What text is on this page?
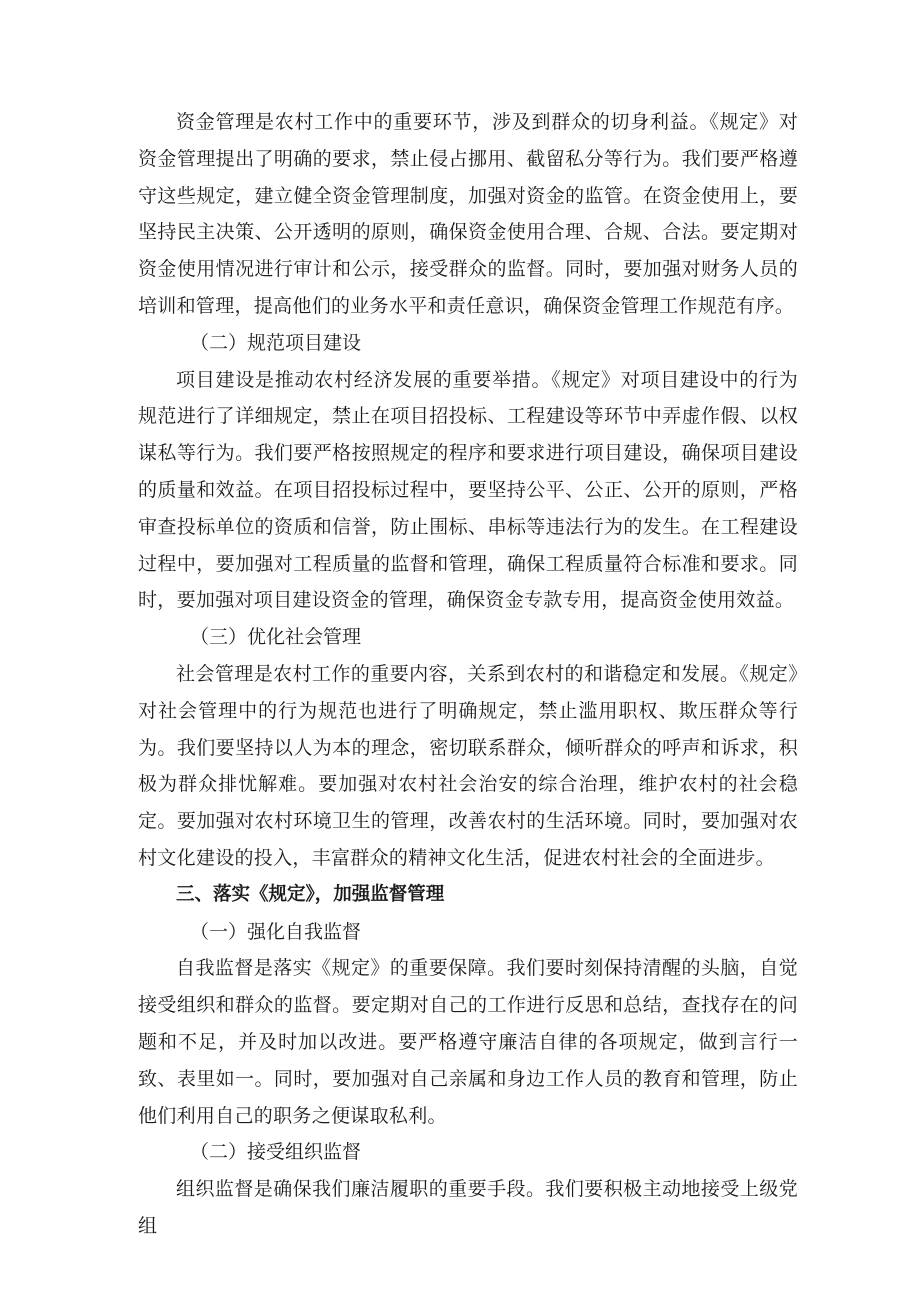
资金管理是农村工作中的重要环节，涉及到群众的切身利益。《规定》对资金管理提出了明确的要求，禁止侵占挪用、截留私分等行为。我们要严格遵守这些规定，建立健全资金管理制度，加强对资金的监管。在资金使用上，要坚持民主决策、公开透明的原则，确保资金使用合理、合规、合法。要定期对资金使用情况进行审计和公示，接受群众的监督。同时，要加强对财务人员的培训和管理，提高他们的业务水平和责任意识，确保资金管理工作规范有序。

（二）规范项目建设

项目建设是推动农村经济发展的重要举措。《规定》对项目建设中的行为规范进行了详细规定，禁止在项目招投标、工程建设等环节中弄虚作假、以权谋私等行为。我们要严格按照规定的程序和要求进行项目建设，确保项目建设的质量和效益。在项目招投标过程中，要坚持公平、公正、公开的原则，严格审查投标单位的资质和信誉，防止围标、串标等违法行为的发生。在工程建设过程中，要加强对工程质量的监督和管理，确保工程质量符合标准和要求。同时，要加强对项目建设资金的管理，确保资金专款专用，提高资金使用效益。

（三）优化社会管理

社会管理是农村工作的重要内容，关系到农村的和谐稳定和发展。《规定》对社会管理中的行为规范也进行了明确规定，禁止滥用职权、欺压群众等行为。我们要坚持以人为本的理念，密切联系群众，倾听群众的呼声和诉求，积极为群众排忧解难。要加强对农村社会治安的综合治理，维护农村的社会稳定。要加强对农村环境卫生的管理，改善农村的生活环境。同时，要加强对农村文化建设的投入，丰富群众的精神文化生活，促进农村社会的全面进步。

三、落实《规定》，加强监督管理

（一）强化自我监督

自我监督是落实《规定》的重要保障。我们要时刻保持清醒的头脑，自觉接受组织和群众的监督。要定期对自己的工作进行反思和总结，查找存在的问题和不足，并及时加以改进。要严格遵守廉洁自律的各项规定，做到言行一致、表里如一。同时，要加强对自己亲属和身边工作人员的教育和管理，防止他们利用自己的职务之便谋取私利。

（二）接受组织监督

组织监督是确保我们廉洁履职的重要手段。我们要积极主动地接受上级党组
